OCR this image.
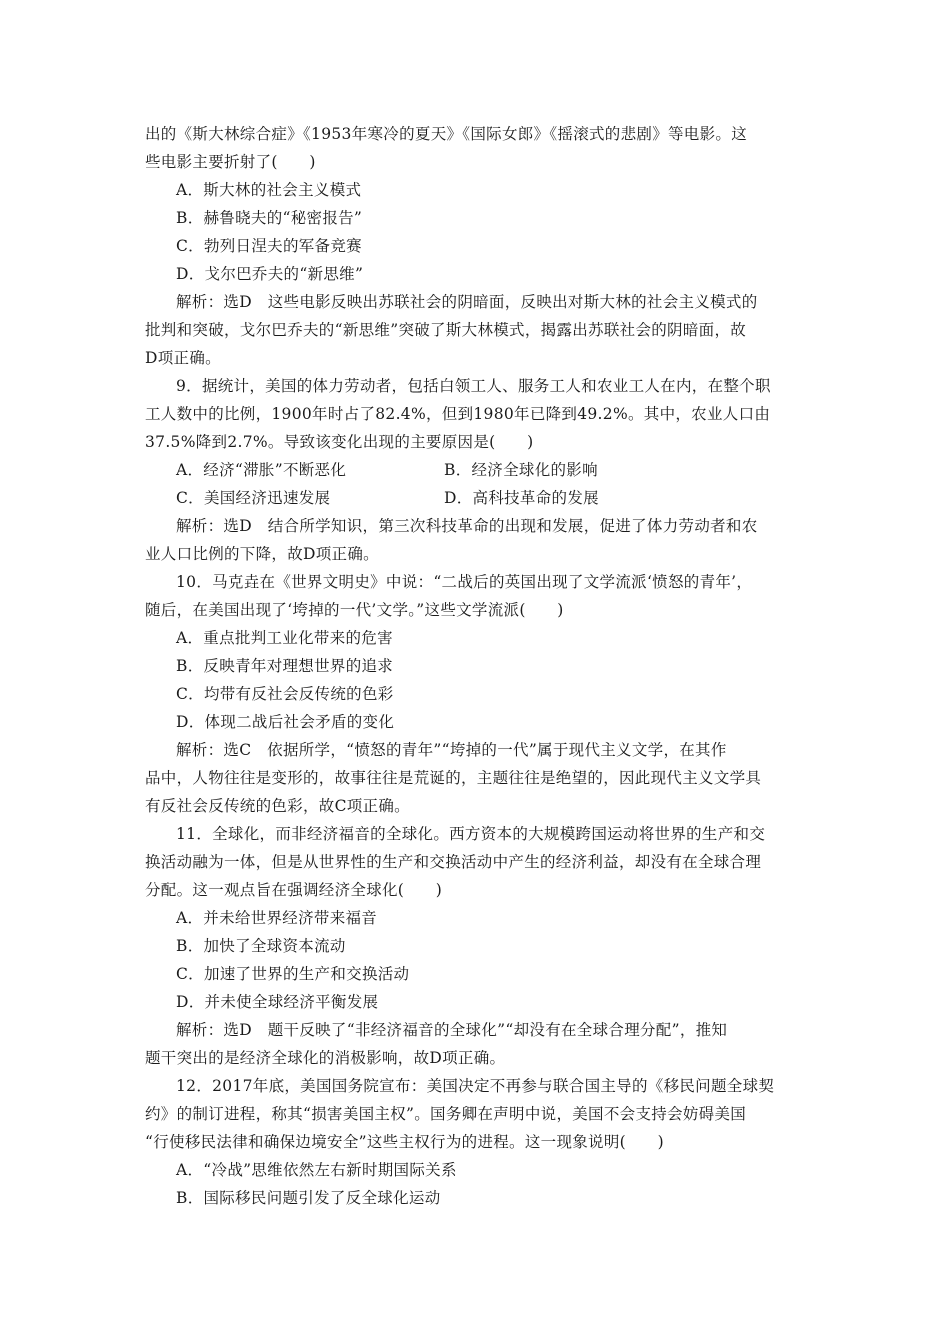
出的《斯大林综合症》《1953年寒冷的夏天》《国际女郎》《摇滚式的悲剧》等电影。这
些电影主要折射了(　　)
A．斯大林的社会主义模式
B．赫鲁晓夫的“秘密报告”
C．勃列日涅夫的军备竞赛
D．戈尔巴乔夫的“新思维”
解析：选D　这些电影反映出苏联社会的阴暗面，反映出对斯大林的社会主义模式的
批判和突破，戈尔巴乔夫的“新思维”突破了斯大林模式，揭露出苏联社会的阴暗面，故
D项正确。
9．据统计，美国的体力劳动者，包括白领工人、服务工人和农业工人在内，在整个职
工人数中的比例，1900年时占了82.4%，但到1980年已降到49.2%。其中，农业人口由
37.5%降到2.7%。导致该变化出现的主要原因是(　　)
A．经济“滞胀”不断恶化	B．经济全球化的影响
C．美国经济迅速发展	D．高科技革命的发展
解析：选D　结合所学知识，第三次科技革命的出现和发展，促进了体力劳动者和农
业人口比例的下降，故D项正确。
10．马克垚在《世界文明史》中说：“二战后的英国出现了文学流派‘愤怒的青年’，
随后，在美国出现了‘垮掉的一代’文学。”这些文学流派(　　)
A．重点批判工业化带来的危害
B．反映青年对理想世界的追求
C．均带有反社会反传统的色彩
D．体现二战后社会矛盾的变化
解析：选C　依据所学，“愤怒的青年”“垮掉的一代”属于现代主义文学，在其作
品中，人物往往是变形的，故事往往是荒诞的，主题往往是绝望的，因此现代主义文学具
有反社会反传统的色彩，故C项正确。
11．全球化，而非经济福音的全球化。西方资本的大规模跨国运动将世界的生产和交
换活动融为一体，但是从世界性的生产和交换活动中产生的经济利益，却没有在全球合理
分配。这一观点旨在强调经济全球化(　　)
A．并未给世界经济带来福音
B．加快了全球资本流动
C．加速了世界的生产和交换活动
D．并未使全球经济平衡发展
解析：选D　题干反映了“非经济福音的全球化”“却没有在全球合理分配”，推知
题干突出的是经济全球化的消极影响，故D项正确。
12．2017年底，美国国务院宣布：美国决定不再参与联合国主导的《移民问题全球契
约》的制订进程，称其“损害美国主权”。国务卿在声明中说，美国不会支持会妨碍美国
“行使移民法律和确保边境安全”这些主权行为的进程。这一现象说明(　　)
A．“冷战”思维依然左右新时期国际关系
B．国际移民问题引发了反全球化运动
